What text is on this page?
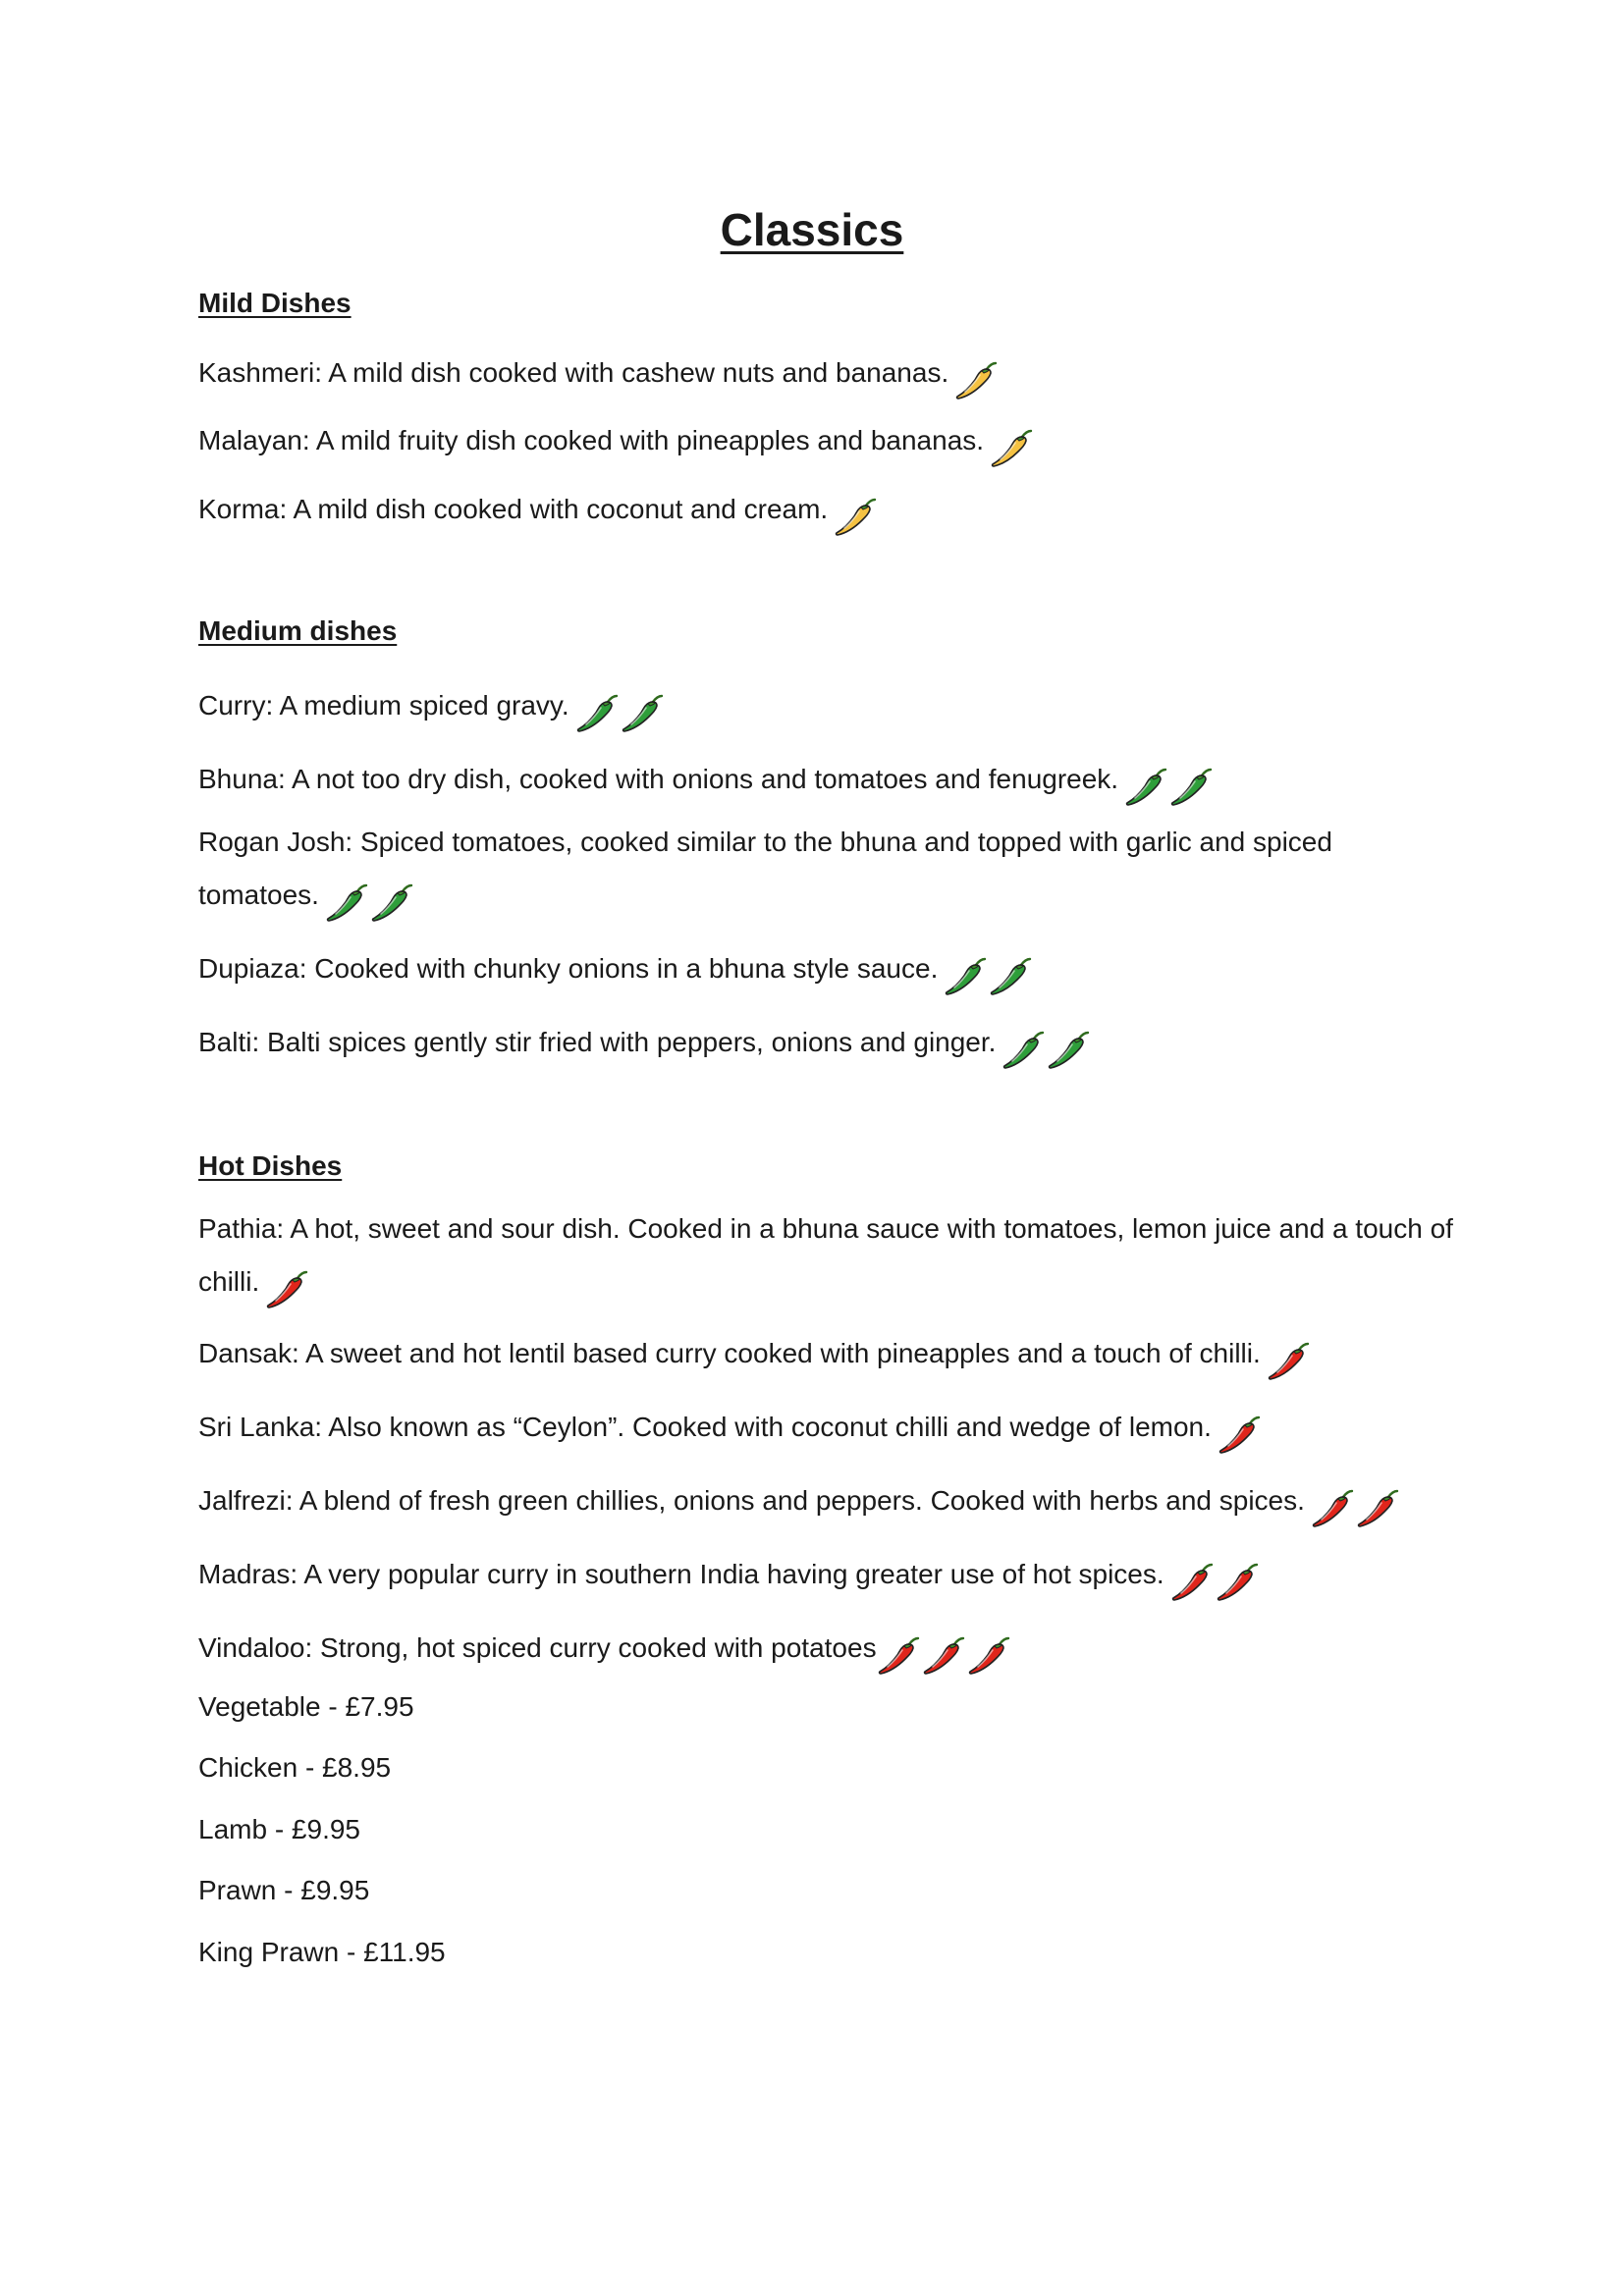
Classics
Mild Dishes

Kashmeri: A mild dish cooked with cashew nuts and bananas.

Malayan: A mild fruity dish cooked with pineapples and bananas.

Korma: A mild dish cooked with coconut and cream.

Medium dishes

Curry: A medium spiced gravy.

Bhuna: A not too dry dish, cooked with onions and tomatoes and fenugreek.

Rogan Josh: Spiced tomatoes, cooked similar to the bhuna and topped with garlic and spiced tomatoes.

Dupiaza: Cooked with chunky onions in a bhuna style sauce.

Balti: Balti spices gently stir fried with peppers, onions and ginger.

Hot Dishes

Pathia: A hot, sweet and sour dish. Cooked in a bhuna sauce with tomatoes, lemon juice and a touch of chilli.

Dansak: A sweet and hot lentil based curry cooked with pineapples and a touch of chilli.

Sri Lanka: Also known as “Ceylon”. Cooked with coconut chilli and wedge of lemon.

Jalfrezi: A blend of fresh green chillies, onions and peppers. Cooked with herbs and spices.

Madras: A very popular curry in southern India having greater use of hot spices.

Vindaloo: Strong, hot spiced curry cooked with potatoes

Vegetable - £7.95

Chicken - £8.95

Lamb - £9.95

Prawn - £9.95

King Prawn - £11.95
